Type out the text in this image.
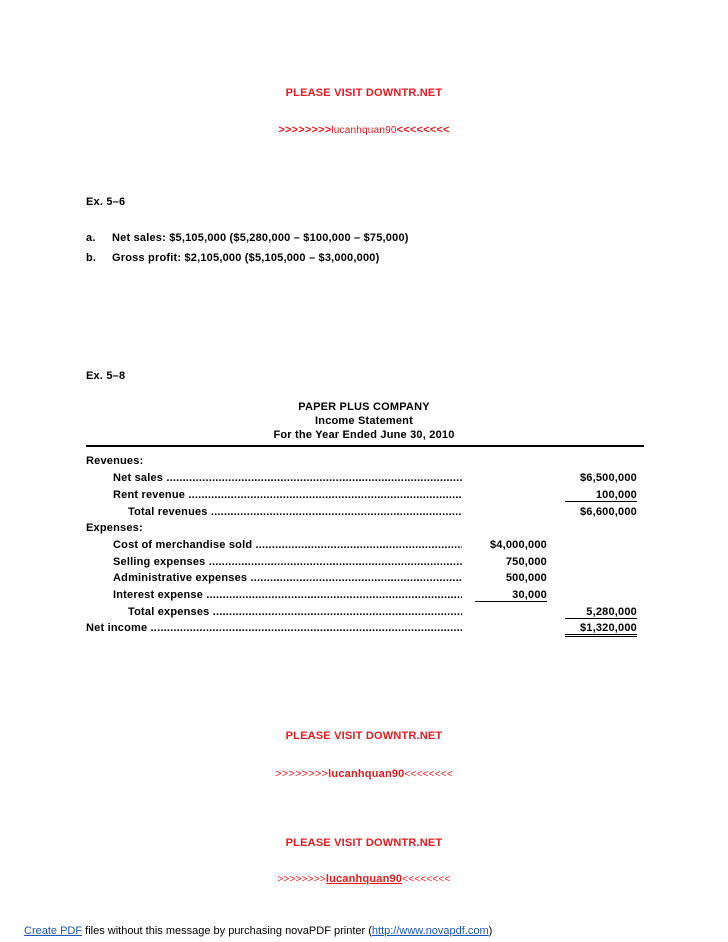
PLEASE VISIT DOWNTR.NET
>>>>>>>>lucanhquan90<<<<<<<<
Ex. 5–6
a. Net sales: $5,105,000 ($5,280,000 – $100,000 – $75,000)
b. Gross profit: $2,105,000 ($5,105,000 – $3,000,000)
Ex. 5–8
PAPER PLUS COMPANY
Income Statement
For the Year Ended June 30, 2010
Revenues:
Net sales .....	$6,500,000
Rent revenue .....	100,000
Total revenues .....	$6,600,000
Expenses:
Cost of merchandise sold .....	$4,000,000
Selling expenses .....	750,000
Administrative expenses .....	500,000
Interest expense .....	30,000
Total expenses .....	5,280,000
Net income .....	$1,320,000
PLEASE VISIT DOWNTR.NET
>>>>>>>>lucanhquan90<<<<<<<<
PLEASE VISIT DOWNTR.NET
>>>>>>>>lucanhquan90<<<<<<<<
Create PDF files without this message by purchasing novaPDF printer (http://www.novapdf.com)
